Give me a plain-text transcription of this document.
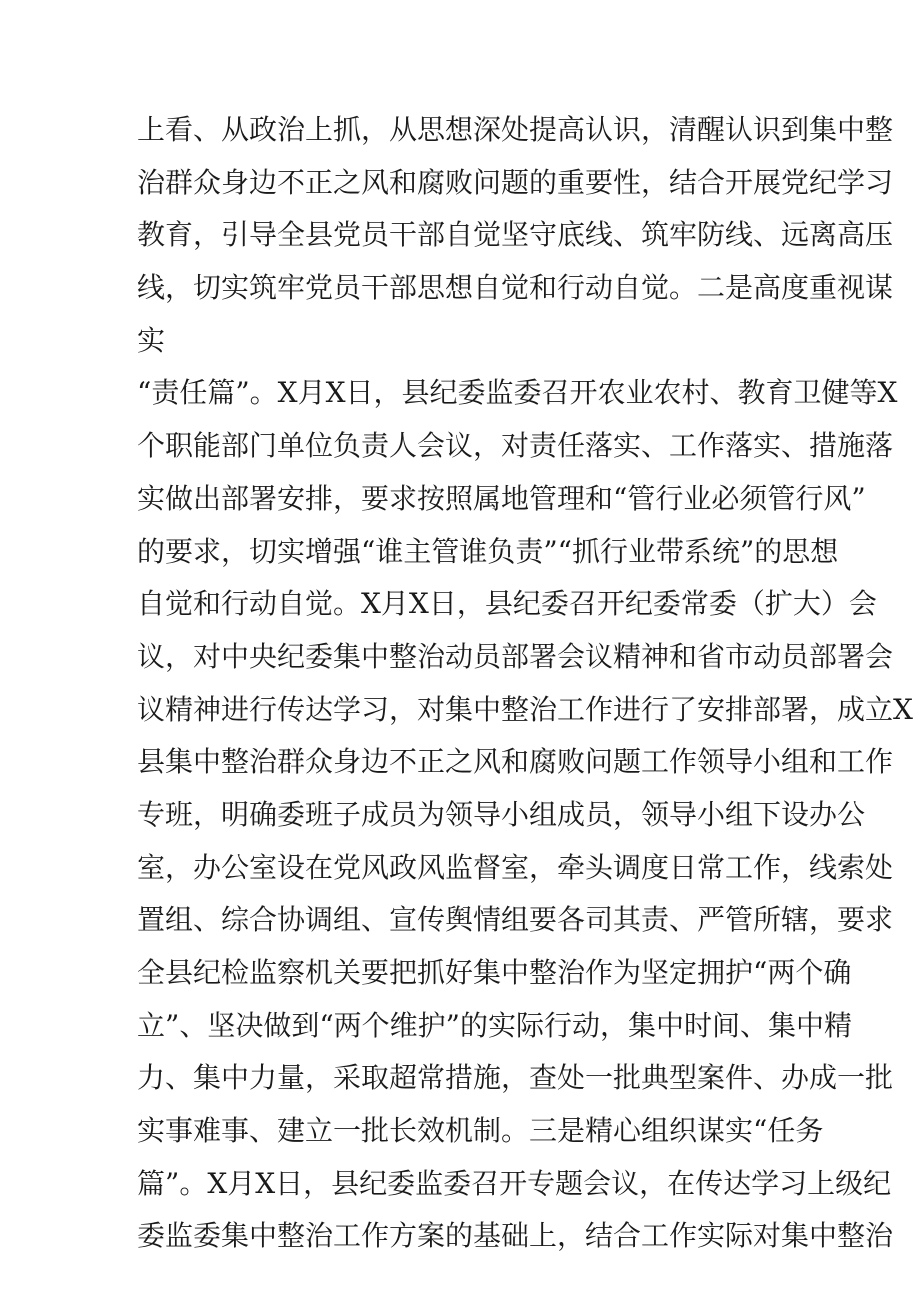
上看、从政治上抓，从思想深处提高认识，清醒认识到集中整
治群众身边不正之风和腐败问题的重要性，结合开展党纪学习
教育，引导全县党员干部自觉坚守底线、筑牢防线、远离高压
线，切实筑牢党员干部思想自觉和行动自觉。二是高度重视谋
实
“责任篇”。X月X日，县纪委监委召开农业农村、教育卫健等X
个职能部门单位负责人会议，对责任落实、工作落实、措施落
实做出部署安排，要求按照属地管理和“管行业必须管行风”
的要求，切实增强“谁主管谁负责”“抓行业带系统”的思想
自觉和行动自觉。X月X日，县纪委召开纪委常委（扩大）会
议，对中央纪委集中整治动员部署会议精神和省市动员部署会
议精神进行传达学习，对集中整治工作进行了安排部署，成立X
县集中整治群众身边不正之风和腐败问题工作领导小组和工作
专班，明确委班子成员为领导小组成员，领导小组下设办公
室，办公室设在党风政风监督室，牵头调度日常工作，线索处
置组、综合协调组、宣传舆情组要各司其责、严管所辖，要求
全县纪检监察机关要把抓好集中整治作为坚定拥护“两个确
立”、坚决做到“两个维护”的实际行动，集中时间、集中精
力、集中力量，采取超常措施，查处一批典型案件、办成一批
实事难事、建立一批长效机制。三是精心组织谋实“任务
篇”。X月X日，县纪委监委召开专题会议，在传达学习上级纪
委监委集中整治工作方案的基础上，结合工作实际对集中整治
